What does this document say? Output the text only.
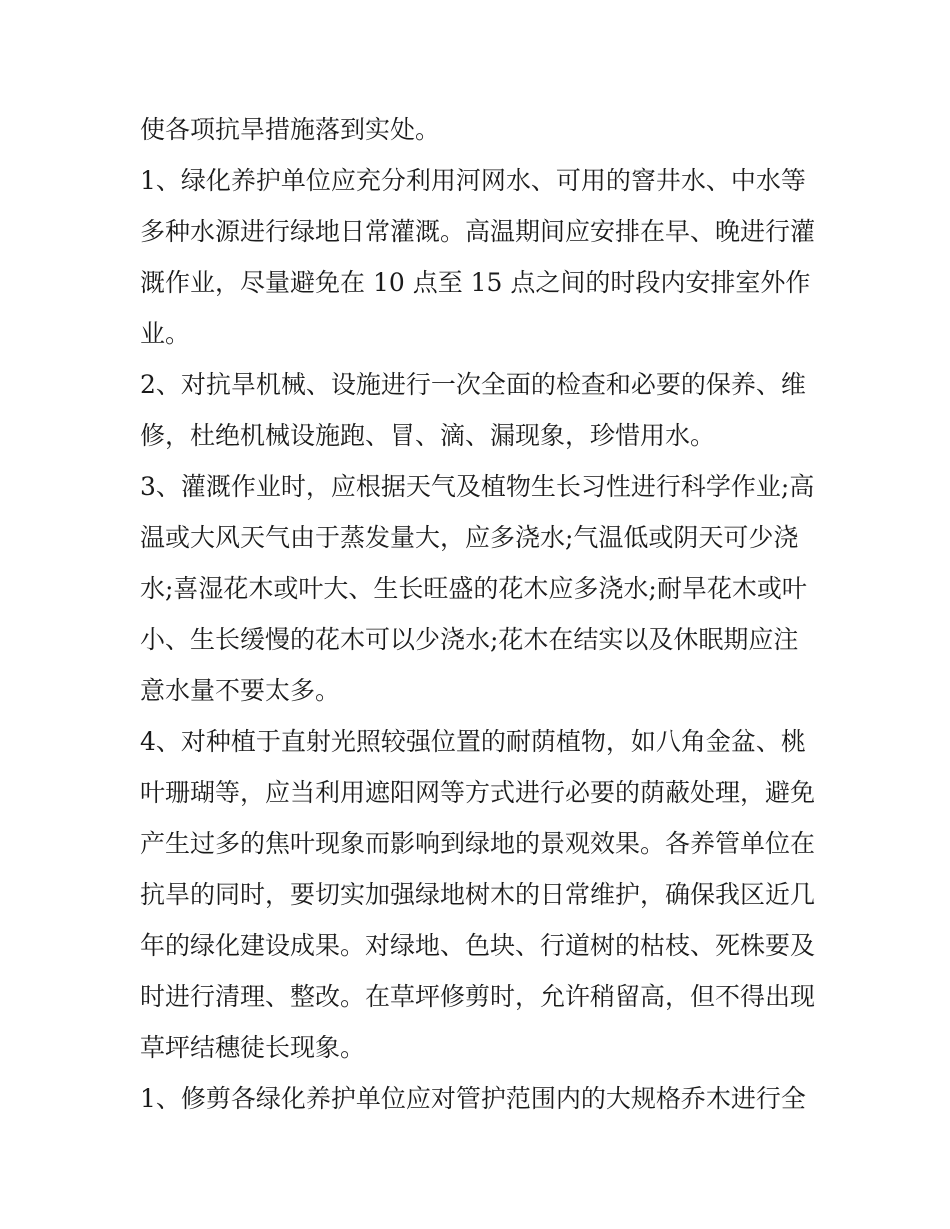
使各项抗旱措施落到实处。
1、绿化养护单位应充分利用河网水、可用的窨井水、中水等
多种水源进行绿地日常灌溉。高温期间应安排在早、晚进行灌
溉作业，尽量避免在 10 点至 15 点之间的时段内安排室外作
业。
2、对抗旱机械、设施进行一次全面的检查和必要的保养、维
修，杜绝机械设施跑、冒、滴、漏现象，珍惜用水。
3、灌溉作业时，应根据天气及植物生长习性进行科学作业;高
温或大风天气由于蒸发量大，应多浇水;气温低或阴天可少浇
水;喜湿花木或叶大、生长旺盛的花木应多浇水;耐旱花木或叶
小、生长缓慢的花木可以少浇水;花木在结实以及休眠期应注
意水量不要太多。
4、对种植于直射光照较强位置的耐荫植物，如八角金盆、桃
叶珊瑚等，应当利用遮阳网等方式进行必要的荫蔽处理，避免
产生过多的焦叶现象而影响到绿地的景观效果。各养管单位在
抗旱的同时，要切实加强绿地树木的日常维护，确保我区近几
年的绿化建设成果。对绿地、色块、行道树的枯枝、死株要及
时进行清理、整改。在草坪修剪时，允许稍留高，但不得出现
草坪结穗徒长现象。
1、修剪各绿化养护单位应对管护范围内的大规格乔木进行全
